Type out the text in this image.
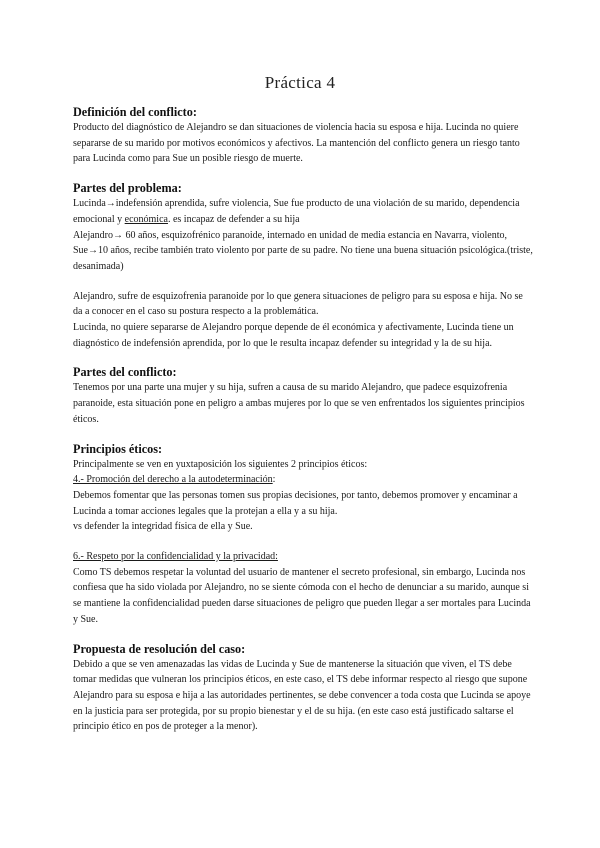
Práctica 4
Definición del conflicto:

Producto del diagnóstico de Alejandro se dan situaciones de violencia hacia su esposa e hija. Lucinda no quiere separarse de su marido por motivos económicos y afectivos. La mantención del conflicto genera un riesgo tanto para Lucinda como para Sue un posible riesgo de muerte.

Partes del problema:

Lucinda→indefensión aprendida, sufre violencia, Sue fue producto de una violación de su marido, dependencia emocional y económica. es incapaz de defender a su hija

Alejandro→ 60 años, esquizofrénico paranoide, internado en unidad de media estancia en Navarra, violento,

Sue→10 años, recibe también trato violento por parte de su padre. No tiene una buena situación psicológica.(triste, desanimada)

Alejandro, sufre de esquizofrenia paranoide por lo que genera situaciones de peligro para su esposa e hija. No se da a conocer en el caso su postura respecto a la problemática.

Lucinda, no quiere separarse de Alejandro porque depende de él económica y afectivamente, Lucinda tiene un diagnóstico de indefensión aprendida, por lo que le resulta incapaz defender su integridad y la de su hija.

Partes del conflicto:

Tenemos por una parte una mujer y su hija, sufren a causa de su marido Alejandro, que padece esquizofrenia paranoide, esta situación pone en peligro a ambas mujeres por lo que se ven enfrentados los siguientes principios éticos.

Principios éticos:

Principalmente se ven en yuxtaposición los siguientes 2 principios éticos:

4.- Promoción del derecho a la autodeterminación:

Debemos fomentar que las personas tomen sus propias decisiones, por tanto, debemos promover y encaminar a Lucinda a tomar acciones legales que la protejan a ella y a su hija.

vs defender la integridad física de ella y Sue.

6.- Respeto por la confidencialidad y la privacidad:

Como TS debemos respetar la voluntad del usuario de mantener el secreto profesional, sin embargo, Lucinda nos confiesa que ha sido violada por Alejandro, no se siente cómoda con el hecho de denunciar a su marido, aunque si se mantiene la confidencialidad pueden darse situaciones de peligro que pueden llegar a ser mortales para Lucinda y Sue.

Propuesta de resolución del caso:

Debido a que se ven amenazadas las vidas de Lucinda y Sue de mantenerse la situación que viven, el TS debe tomar medidas que vulneran los principios éticos, en este caso, el TS debe informar respecto al riesgo que supone Alejandro para su esposa e hija a las autoridades pertinentes, se debe convencer a toda costa que Lucinda se apoye en la justicia para ser protegida, por su propio bienestar y el de su hija. (en este caso está justificado saltarse el principio ético en pos de proteger a la menor).
